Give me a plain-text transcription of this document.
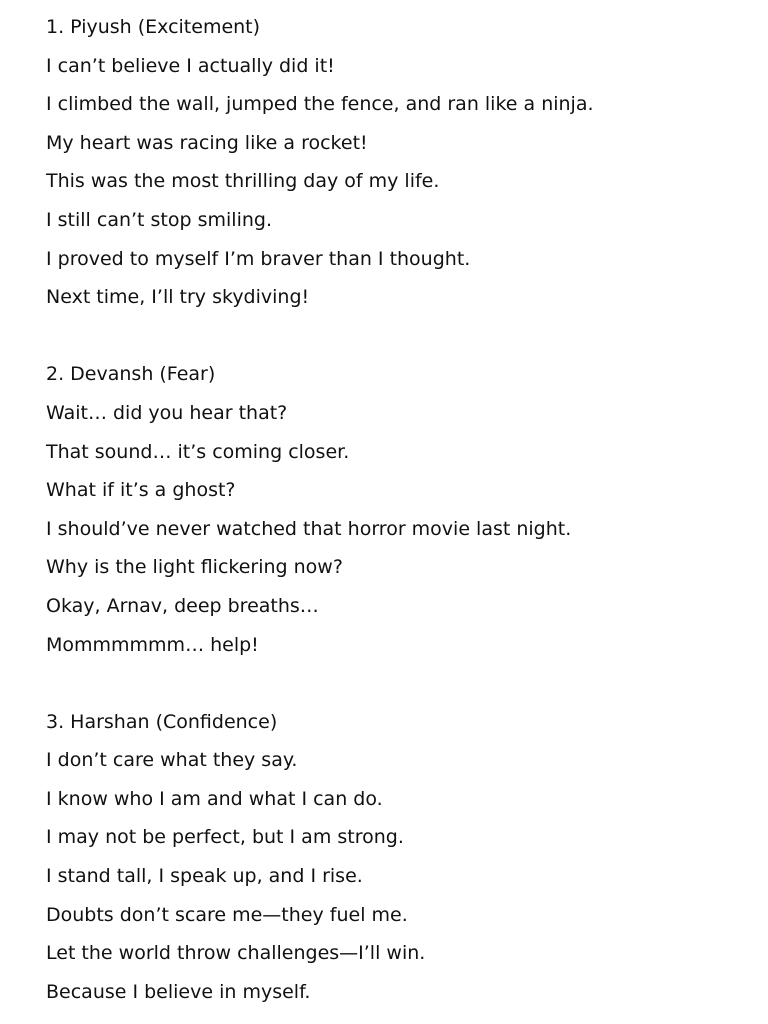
1. Piyush (Excitement)
I can’t believe I actually did it!
I climbed the wall, jumped the fence, and ran like a ninja.
My heart was racing like a rocket!
This was the most thrilling day of my life.
I still can’t stop smiling.
I proved to myself I’m braver than I thought.
Next time, I’ll try skydiving!
2. Devansh (Fear)
Wait… did you hear that?
That sound… it’s coming closer.
What if it’s a ghost?
I should’ve never watched that horror movie last night.
Why is the light flickering now?
Okay, Arnav, deep breaths…
Mommmmmm… help!
3. Harshan (Confidence)
I don’t care what they say.
I know who I am and what I can do.
I may not be perfect, but I am strong.
I stand tall, I speak up, and I rise.
Doubts don’t scare me—they fuel me.
Let the world throw challenges—I’ll win.
Because I believe in myself.
